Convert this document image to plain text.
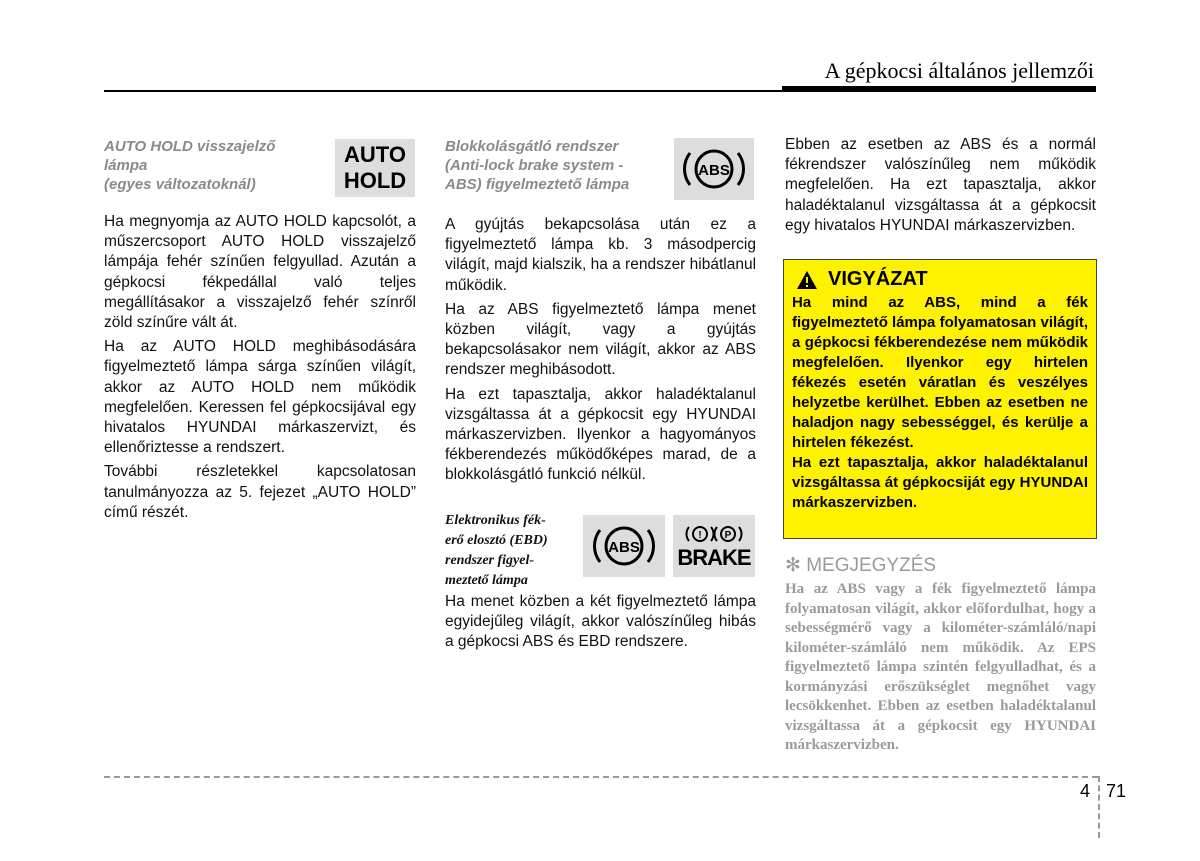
A gépkocsi általános jellemzői
AUTO HOLD visszajelző
lámpa
(egyes változatoknál)
AUTO
HOLD

Ha megnyomja az AUTO HOLD kapcsolót, a műszercsoport AUTO HOLD visszajelző lámpája fehér színűen felgyullad. Azután a gépkocsi fékpedállal való teljes megállításakor a visszajelző fehér színről zöld színűre vált át.

Ha az AUTO HOLD meghibásodására figyelmeztető lámpa sárga színűen világít, akkor az AUTO HOLD nem működik megfelelően. Keressen fel gépkocsijával egy hivatalos HYUNDAI márkaszervizt, és ellenőriztesse a rendszert.

További részletekkel kapcsolatosan tanulmányozza az 5. fejezet „AUTO HOLD” című részét.

Blokkolásgátló rendszer
(Anti-lock brake system -
ABS) figyelmeztető lámpa
ABS

A gyújtás bekapcsolása után ez a figyelmeztető lámpa kb. 3 másodpercig világít, majd kialszik, ha a rendszer hibátlanul működik.

Ha az ABS figyelmeztető lámpa menet közben világít, vagy a gyújtás bekapcsolásakor nem világít, akkor az ABS rendszer meghibásodott.

Ha ezt tapasztalja, akkor haladéktalanul vizsgáltassa át a gépkocsit egy HYUNDAI márkaszervizben. Ilyenkor a hagyományos fékberendezés működőképes marad, de a blokkolásgátló funkció nélkül.

Elektronikus fék-
erő elosztó (EBD)
rendszer figyel-
meztető lámpa
ABS
! P
BRAKE

Ha menet közben a két figyelmeztető lámpa egyidejűleg világít, akkor valószínűleg hibás a gépkocsi ABS és EBD rendszere.

Ebben az esetben az ABS és a normál fékrendszer valószínűleg nem működik megfelelően. Ha ezt tapasztalja, akkor haladéktalanul vizsgáltassa át a gépkocsit egy hivatalos HYUNDAI márkaszervizben.

VIGYÁZAT
Ha mind az ABS, mind a fék figyelmeztető lámpa folyamatosan világít, a gépkocsi fékberendezése nem működik megfelelően. Ilyenkor egy hirtelen fékezés esetén váratlan és veszélyes helyzetbe kerülhet. Ebben az esetben ne haladjon nagy sebességgel, és kerülje a hirtelen fékezést.
Ha ezt tapasztalja, akkor haladéktalanul vizsgáltassa át gépkocsiját egy HYUNDAI márkaszervizben.
✻ MEGJEGYZÉS
Ha az ABS vagy a fék figyelmeztető lámpa folyamatosan világít, akkor előfordulhat, hogy a sebességmérő vagy a kilométer-számláló/napi kilométer-számláló nem működik. Az EPS figyelmeztető lámpa szintén felgyulladhat, és a kormányzási erőszükséglet megnőhet vagy lecsökkenhet. Ebben az esetben haladéktalanul vizsgáltassa át a gépkocsit egy HYUNDAI márkaszervizben.
4 71
